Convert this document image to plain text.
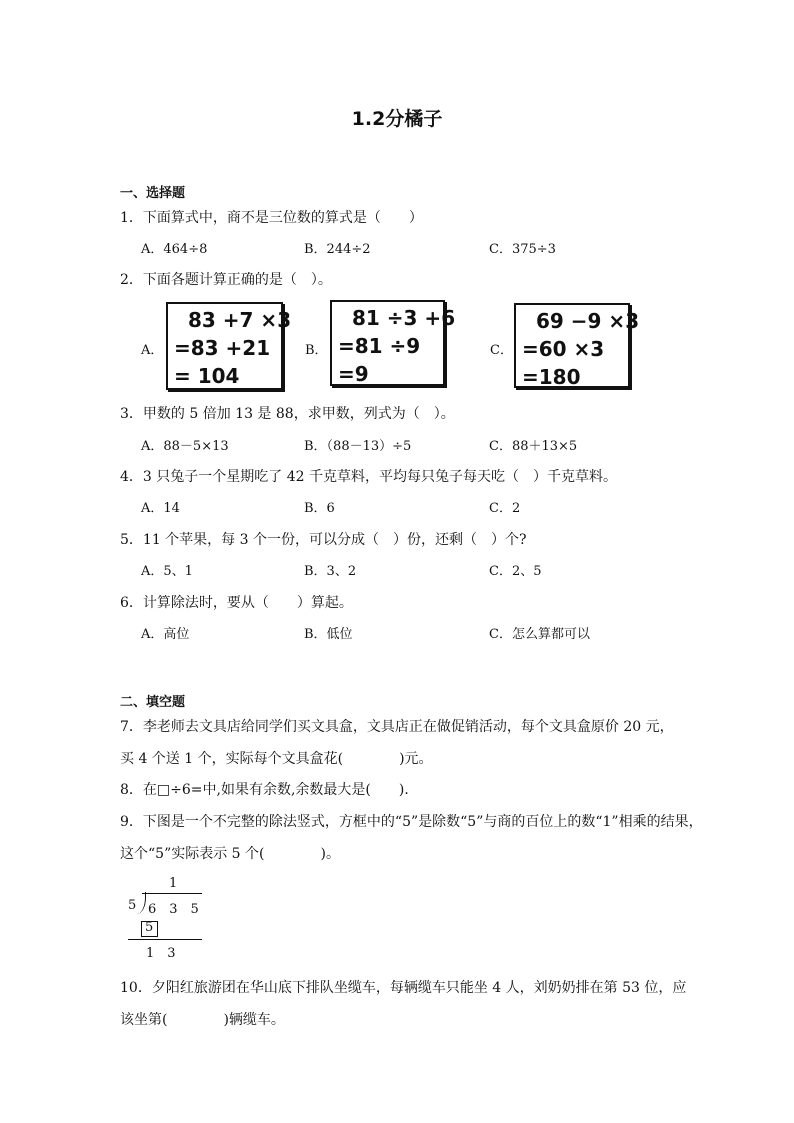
1.2分橘子
一、选择题
1．下面算式中，商不是三位数的算式是（　　）
A．464÷8	B．244÷2	C．375÷3
2．下面各题计算正确的是（　）。
A．
83 +7 ×3
=83 +21
= 104
B．
81 ÷3 +6
=81 ÷9
=9
C．
69 −9 ×3
=60 ×3
=180
3．甲数的 5 倍加 13 是 88，求甲数，列式为（　）。
A．88－5×13	B．（88－13）÷5	C．88＋13×5
4．3 只兔子一个星期吃了 42 千克草料，平均每只兔子每天吃（　）千克草料。
A．14	B．6	C．2
5．11 个苹果，每 3 个一份，可以分成（　）份，还剩（　）个?
A．5、1	B．3、2	C．2、5
6．计算除法时，要从（　　）算起。
A．高位	B．低位	C．怎么算都可以
二、填空题
7．李老师去文具店给同学们买文具盒，文具店正在做促销活动，每个文具盒原价 20 元，
买 4 个送 1 个，实际每个文具盒花(　　　　)元。
8．在□÷6=中,如果有余数,余数最大是(　　)．
9．下图是一个不完整的除法竖式，方框中的“5”是除数“5”与商的百位上的数“1”相乘的结果，
这个“5”实际表示 5 个(　　　　)。
1
5 6　3　5
5
1　3
10．夕阳红旅游团在华山底下排队坐缆车，每辆缆车只能坐 4 人，刘奶奶排在第 53 位，应
该坐第(　　　　)辆缆车。
